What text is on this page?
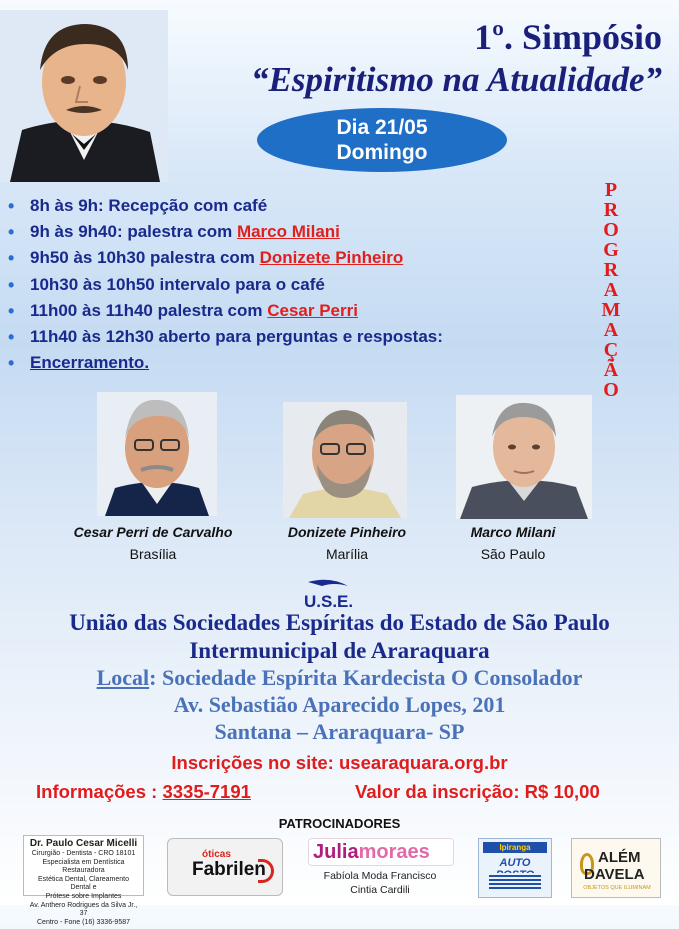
1º. Simpósio
“Espiritismo na Atualidade”
Dia 21/05
Domingo
• 8h às 9h: Recepção com café
• 9h às 9h40: palestra com Marco Milani
• 9h50 às 10h30 palestra com Donizete Pinheiro
• 10h30 às 10h50 intervalo para o café
• 11h00 às 11h40 palestra com Cesar Perri
• 11h40 às 12h30 aberto para perguntas e respostas:
• Encerramento.
P
R
O
G
R
A
M
A
Ç
Ã
O
Cesar Perri de Carvalho
Brasília
Donizete Pinheiro
Marília
Marco Milani
São Paulo
U.S.E.
União das Sociedades Espíritas do Estado de São Paulo
Intermunicipal de Araraquara
Local: Sociedade Espírita Kardecista O Consolador
Av. Sebastião Aparecido Lopes, 201
Santana – Araraquara- SP
Inscrições no site: usearaquara.org.br
Informações : 3335-7191	Valor da inscrição: R$ 10,00
PATROCINADORES
Dr. Paulo Cesar Micelli
Cirurgião - Dentista - CRO 18101
Especialista em Dentística Restauradora
Estética Dental, Clareamento Dental e
Prótese sobre Implantes
Av. Anthero Rodrigues da Silva Jr., 37
Centro - Fone (16) 3336-9587
óticas
Fabrilen
Juliamoraes
Fabíola Moda Francisco
Cintia Cardili
Ipiranga
AUTO	ALÉM
DAVELA
OBJETOS QUE ILUMINAM
